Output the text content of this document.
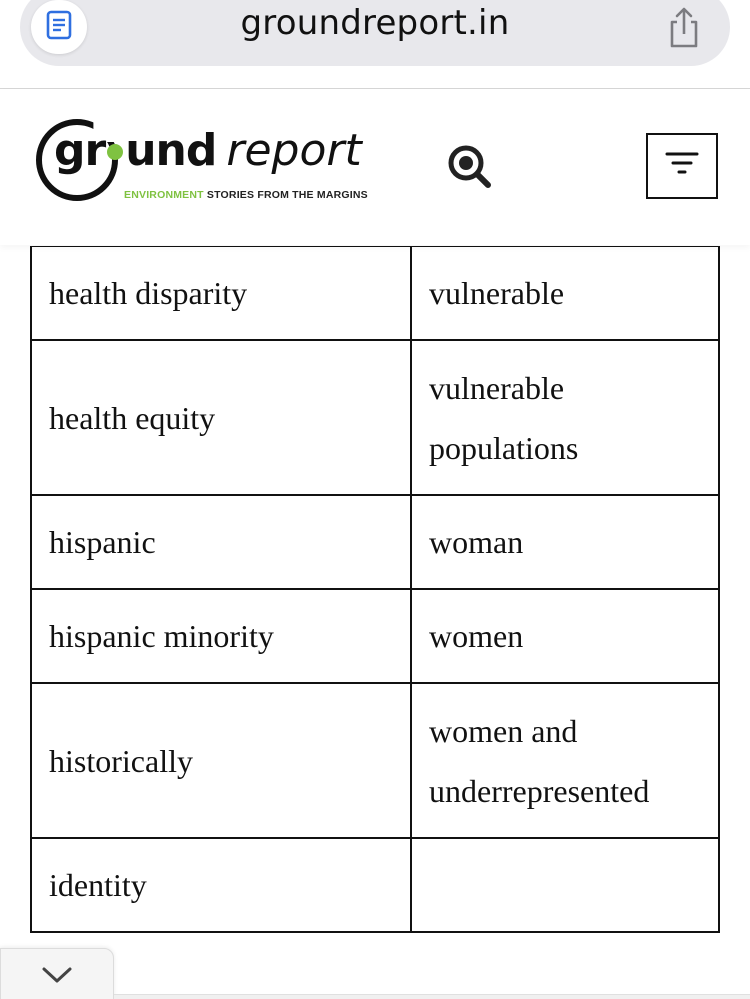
groundreport.in
gr und report
ENVIRONMENT STORIES FROM THE MARGINS
health disparity	vulnerable
health equity	vulnerable populations
hispanic	woman
hispanic minority	women
historically	women and underrepresented
identity	
